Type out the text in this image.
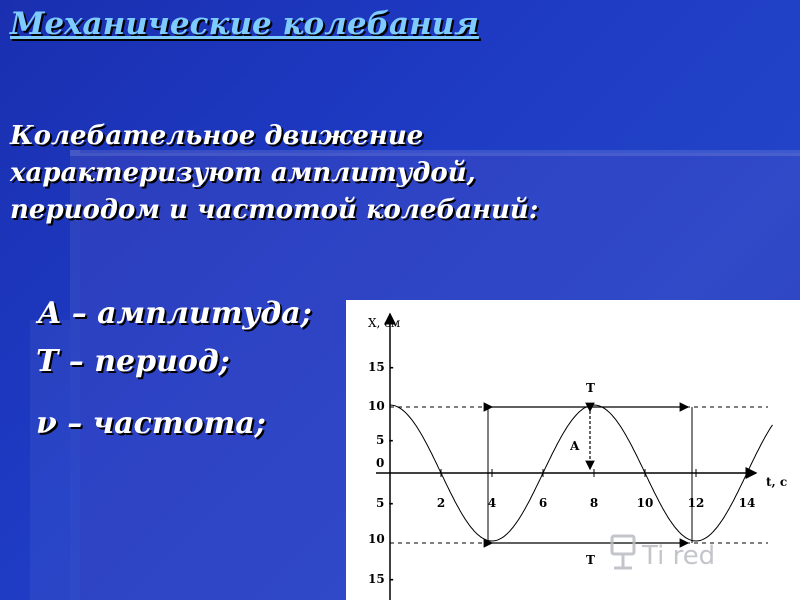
Механические колебания
Колебательное движение характеризуют амплитудой, периодом и частотой колебаний:
A – амплитуда;
T – период;
ν – частота;
Х, см
t, с
15 -
10
5 -
0
5 -
10
15 -
T
T
A
Ti red
2	4	6	8	10	12	14
